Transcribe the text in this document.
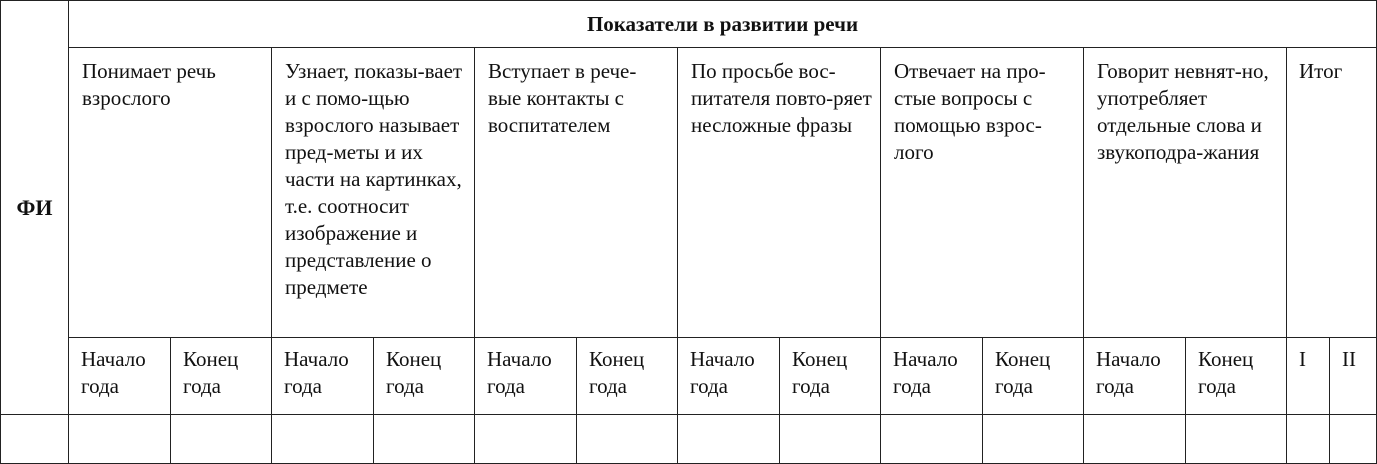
ФИ	Показатели в развитии речи													
	Понимает речь взрослого		Узнает, показы-вает и с помо-щью взрослого называет пред-меты и их части на картинках, т.е. соотносит изображение и представление о предмете		Вступает в рече-вые контакты с воспитателем		По просьбе вос-питателя повто-ряет несложные фразы		Отвечает на про-стые вопросы с помощью взрос-лого		Говорит невнят-но, употребляет отдельные слова и звукоподра-жания		Итог	
	Начало года	Конец года	Начало года	Конец года	Начало года	Конец года	Начало года	Конец года	Начало года	Конец года	Начало года	Конец года	I	II
